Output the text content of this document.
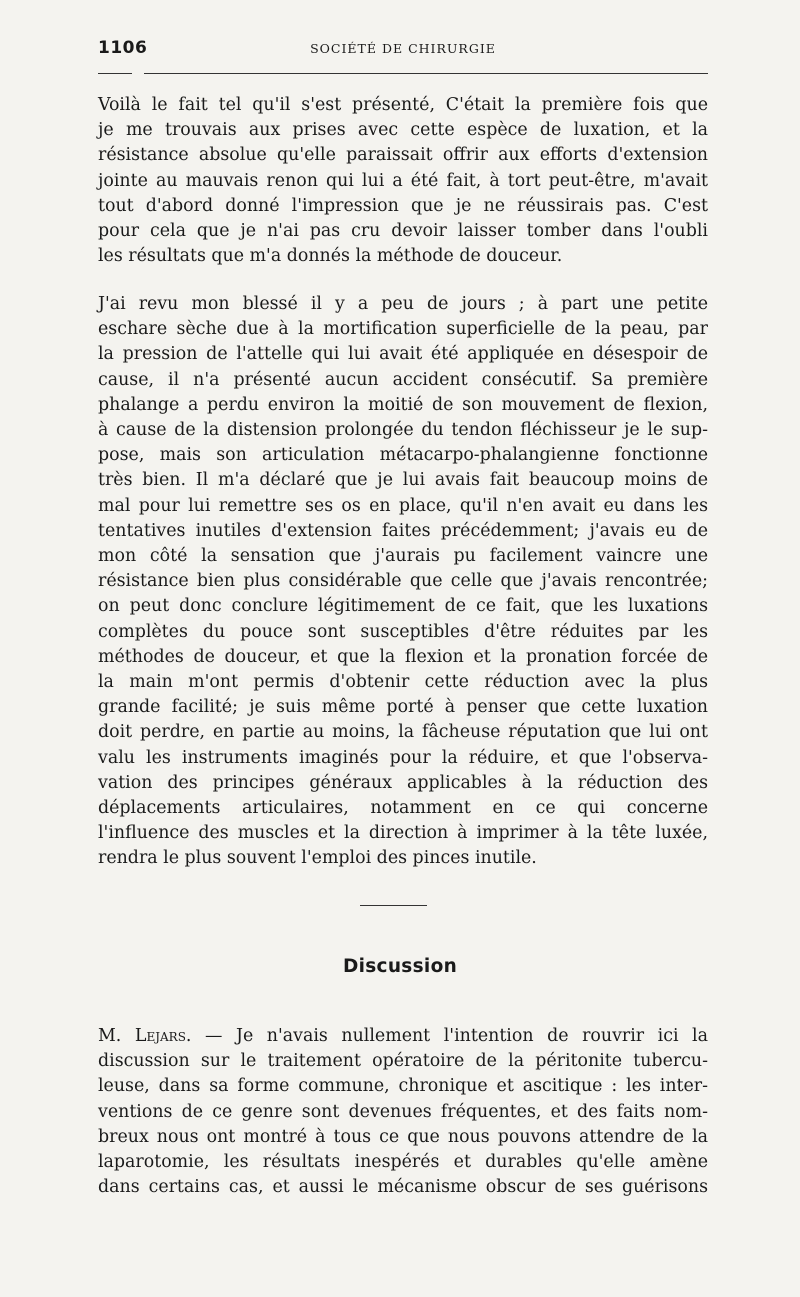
1106	SOCIÉTÉ DE CHIRURGIE
Voilà le fait tel qu'il s'est présenté, C'était la première fois que
je me trouvais aux prises avec cette espèce de luxation, et la
résistance absolue qu'elle paraissait offrir aux efforts d'extension
jointe au mauvais renon qui lui a été fait, à tort peut-être, m'avait
tout d'abord donné l'impression que je ne réussirais pas. C'est
pour cela que je n'ai pas cru devoir laisser tomber dans l'oubli
les résultats que m'a donnés la méthode de douceur.
J'ai revu mon blessé il y a peu de jours ; à part une petite
eschare sèche due à la mortification superficielle de la peau, par
la pression de l'attelle qui lui avait été appliquée en désespoir de
cause, il n'a présenté aucun accident consécutif. Sa première
phalange a perdu environ la moitié de son mouvement de flexion,
à cause de la distension prolongée du tendon fléchisseur je le sup-
pose, mais son articulation métacarpo-phalangienne fonctionne
très bien. Il m'a déclaré que je lui avais fait beaucoup moins de
mal pour lui remettre ses os en place, qu'il n'en avait eu dans les
tentatives inutiles d'extension faites précédemment; j'avais eu de
mon côté la sensation que j'aurais pu facilement vaincre une
résistance bien plus considérable que celle que j'avais rencontrée;
on peut donc conclure légitimement de ce fait, que les luxations
complètes du pouce sont susceptibles d'être réduites par les
méthodes de douceur, et que la flexion et la pronation forcée de
la main m'ont permis d'obtenir cette réduction avec la plus
grande facilité; je suis même porté à penser que cette luxation
doit perdre, en partie au moins, la fâcheuse réputation que lui ont
valu les instruments imaginés pour la réduire, et que l'observa-
vation des principes généraux applicables à la réduction des
déplacements articulaires, notamment en ce qui concerne
l'influence des muscles et la direction à imprimer à la tête luxée,
rendra le plus souvent l'emploi des pinces inutile.
Discussion
M. Lejars. — Je n'avais nullement l'intention de rouvrir ici la
discussion sur le traitement opératoire de la péritonite tubercu-
leuse, dans sa forme commune, chronique et ascitique : les inter-
ventions de ce genre sont devenues fréquentes, et des faits nom-
breux nous ont montré à tous ce que nous pouvons attendre de la
laparotomie, les résultats inespérés et durables qu'elle amène
dans certains cas, et aussi le mécanisme obscur de ses guérisons
